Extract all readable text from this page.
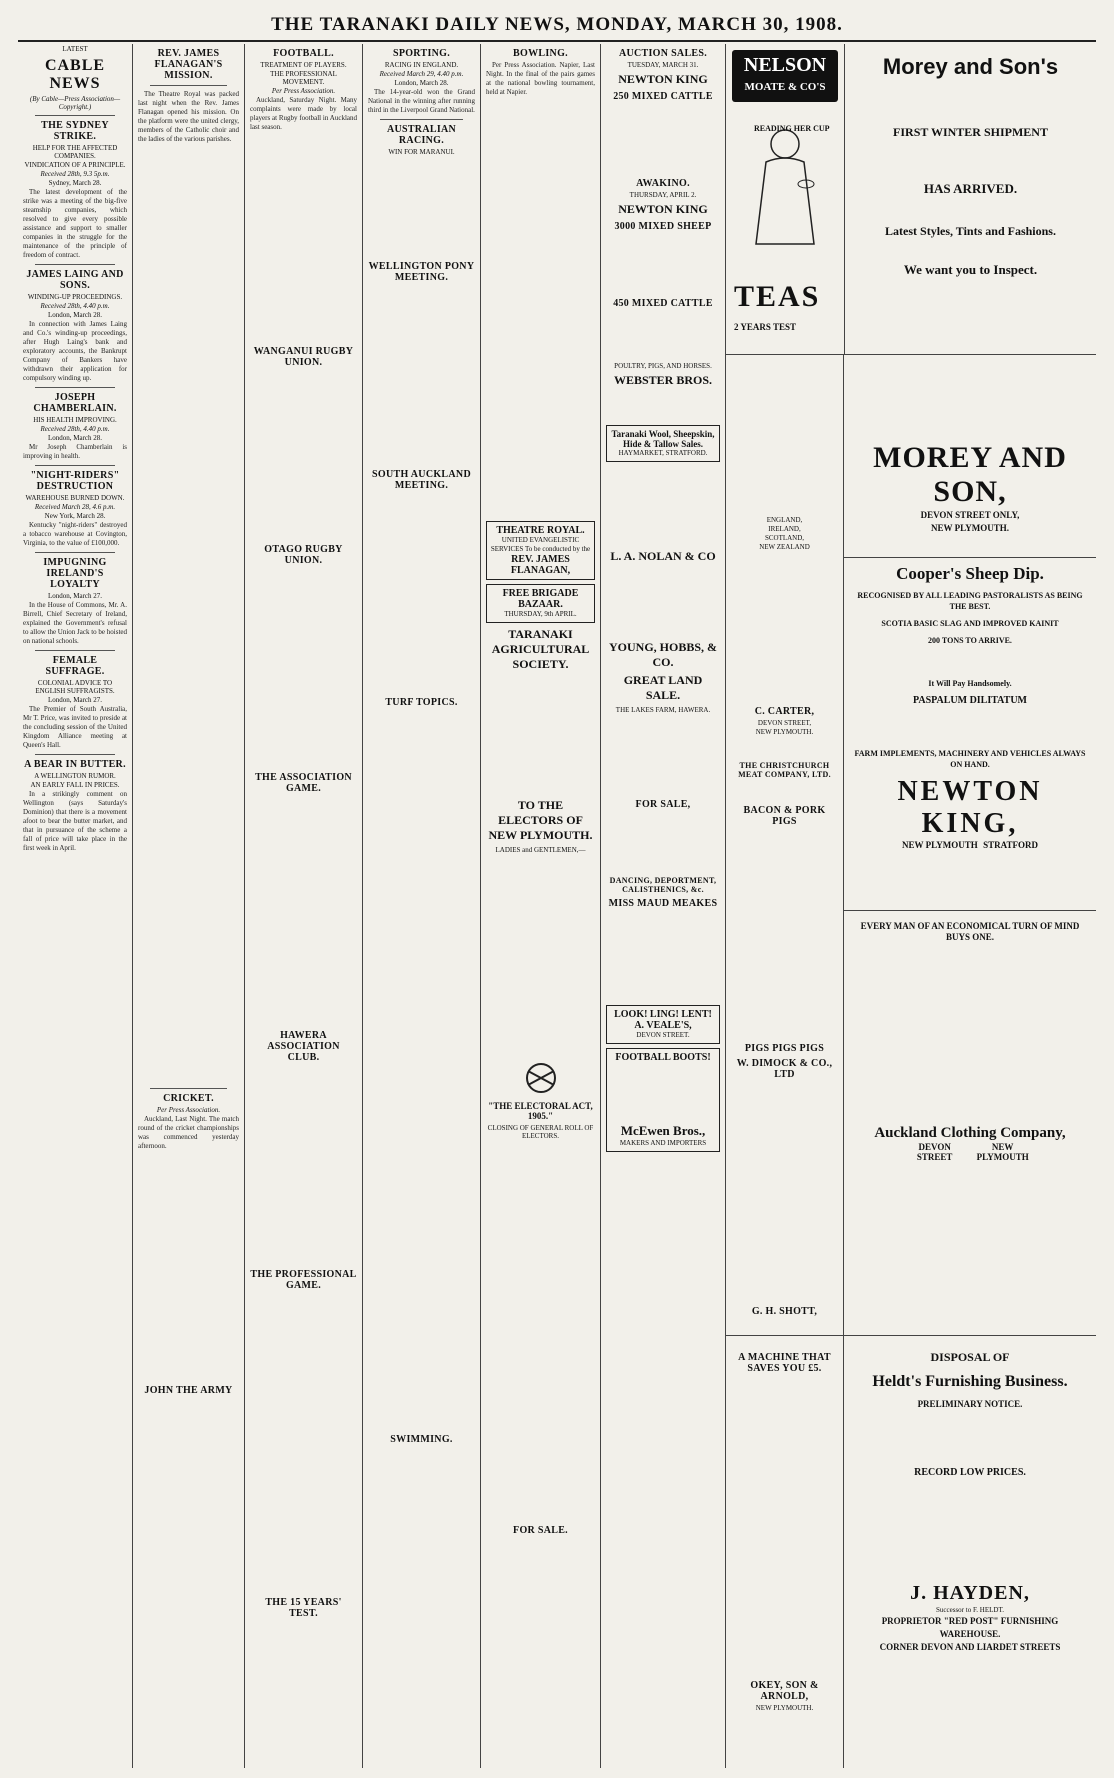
THE TARANAKI DAILY NEWS, MONDAY, MARCH 30, 1908.
LATEST
CABLE NEWS
(By Cable—Press Association—Copyright.)
THE SYDNEY STRIKE.
HELP FOR THE AFFECTED COMPANIES.
VINDICATION OF A PRINCIPLE.
Received 28th, 9.3 5p.m.
Sydney, March 28.

The latest development of the strike was a meeting of the big-five steamship companies, which resolved to give every possible assistance and support to smaller companies in the struggle for the maintenance of the principle of freedom of contract.

JAMES LAING AND SONS.
WINDING-UP PROCEEDINGS.
Received 28th, 4.40 p.m.
London, March 28.

In connection with James Laing and Co.'s winding-up proceedings, after Hugh Laing's bank and exploratory accounts, the Bankrupt Company of Bankers have withdrawn their application for compulsory winding up.

JOSEPH CHAMBERLAIN.
HIS HEALTH IMPROVING.
Received 28th, 4.40 p.m.
London, March 28.

Mr Joseph Chamberlain is improving in health.

"NIGHT-RIDERS" DESTRUCTION
WAREHOUSE BURNED DOWN.
Received March 28, 4.6 p.m.
New York, March 28.

Kentucky "night-riders" destroyed a tobacco warehouse at Covington, Virginia, to the value of £100,000.

IMPUGNING IRELAND'S LOYALTY
London, March 27.

In the House of Commons, Mr. A. Birrell, Chief Secretary of Ireland, explained the Government's refusal to allow the Union Jack to be hoisted on national schools.

FEMALE SUFFRAGE.
COLONIAL ADVICE TO ENGLISH SUFFRAGISTS.
London, March 27.

The Premier of South Australia, Mr T. Price, was invited to preside at the concluding session of the United Kingdom Alliance meeting at Queen's Hall.

A BEAR IN BUTTER.
A WELLINGTON RUMOR.
AN EARLY FALL IN PRICES.

In a strikingly comment on Wellington (says Saturday's Dominion) that there is a movement afoot to bear the butter market, and that in pursuance of the scheme a fall of price will take place in the first week in April.

REV. JAMES FLANAGAN'S MISSION.

The Theatre Royal was packed last night when the Rev. James Flanagan opened his mission. On the platform were the united clergy, members of the Catholic choir and the ladies of the various parishes.

CRICKET.
Per Press Association.

Auckland, Last Night. The match round of the cricket championships was commenced yesterday afternoon.

JOHN THE ARMY
FOOTBALL.
TREATMENT OF PLAYERS.
THE PROFESSIONAL MOVEMENT.
Per Press Association.

Auckland, Saturday Night. Many complaints were made by local players at Rugby football in Auckland last season.

WANGANUI RUGBY UNION.
OTAGO RUGBY UNION.
THE ASSOCIATION GAME.
HAWERA ASSOCIATION CLUB.
THE PROFESSIONAL GAME.
THE 15 YEARS' TEST.
SPORTING.
RACING IN ENGLAND.
Received March 29, 4.40 p.m.
London, March 28.

The 14-year-old won the Grand National in the winning after running third in the Liverpool Grand National.

AUSTRALIAN RACING.
WIN FOR MARANUI.
WELLINGTON PONY MEETING.
SOUTH AUCKLAND MEETING.
TURF TOPICS.
SWIMMING.
BOWLING.

Per Press Association. Napier, Last Night. In the final of the pairs games at the national bowling tournament, held at Napier.

THEATRE ROYAL.
UNITED EVANGELISTIC SERVICES To be conducted by the
REV. JAMES FLANAGAN,
FREE BRIGADE BAZAAR.
THURSDAY, 9th APRIL.
TARANAKI AGRICULTURAL SOCIETY.
TO THE ELECTORS OF NEW PLYMOUTH.
LADIES and GENTLEMEN,—
"THE ELECTORAL ACT, 1905."
CLOSING OF GENERAL ROLL OF ELECTORS.
FOR SALE.
AUCTION SALES.
TUESDAY, MARCH 31.
NEWTON KING
250 MIXED CATTLE
AWAKINO.
THURSDAY, APRIL 2.
NEWTON KING
3000 MIXED SHEEP
450 MIXED CATTLE
POULTRY, PIGS, AND HORSES.
WEBSTER BROS.
Taranaki Wool, Sheepskin, Hide & Tallow Sales.
HAYMARKET, STRATFORD.
L. A. NOLAN & CO
YOUNG, HOBBS, & CO.
GREAT LAND SALE.
THE LAKES FARM, HAWERA.
FOR SALE,
DANCING, DEPORTMENT, CALISTHENICS, &c.
MISS MAUD MEAKES
LOOK! LING! LENT!
A. VEALE'S,
DEVON STREET.
FOOTBALL BOOTS!
McEwen Bros.,
MAKERS AND IMPORTERS
NELSON
MOATE & CO'S
READING HER CUP
TEAS
2 YEARS TEST
Morey and Son's
FIRST WINTER SHIPMENT
HAS ARRIVED.
Latest Styles, Tints and Fashions.
We want you to Inspect.
ENGLAND,
IRELAND,
SCOTLAND,
NEW ZEALAND
C. CARTER,
DEVON STREET,
NEW PLYMOUTH.
THE CHRISTCHURCH MEAT COMPANY, LTD.
BACON & PORK PIGS
PIGS PIGS PIGS
W. DIMOCK & CO., LTD
G. H. SHOTT,
MOREY AND SON,
DEVON STREET ONLY,
NEW PLYMOUTH.
Cooper's Sheep Dip.
RECOGNISED BY ALL LEADING PASTORALISTS AS BEING THE BEST.
SCOTIA BASIC SLAG AND IMPROVED KAINIT
200 TONS TO ARRIVE.
It Will Pay Handsomely.
PASPALUM DILITATUM
FARM IMPLEMENTS, MACHINERY AND VEHICLES ALWAYS ON HAND.
NEWTON KING,
NEW PLYMOUTH STRATFORD
EVERY MAN OF AN ECONOMICAL TURN OF MIND BUYS ONE.
Auckland Clothing Company,
DEVON STREET
NEW PLYMOUTH
A MACHINE THAT SAVES YOU £5.
OKEY, SON & ARNOLD,
NEW PLYMOUTH.
DISPOSAL OF
Heldt's Furnishing Business.
PRELIMINARY NOTICE.
RECORD LOW PRICES.
J. HAYDEN,
Successor to F. HELDT.
PROPRIETOR "RED POST" FURNISHING WAREHOUSE.
CORNER DEVON AND LIARDET STREETS
